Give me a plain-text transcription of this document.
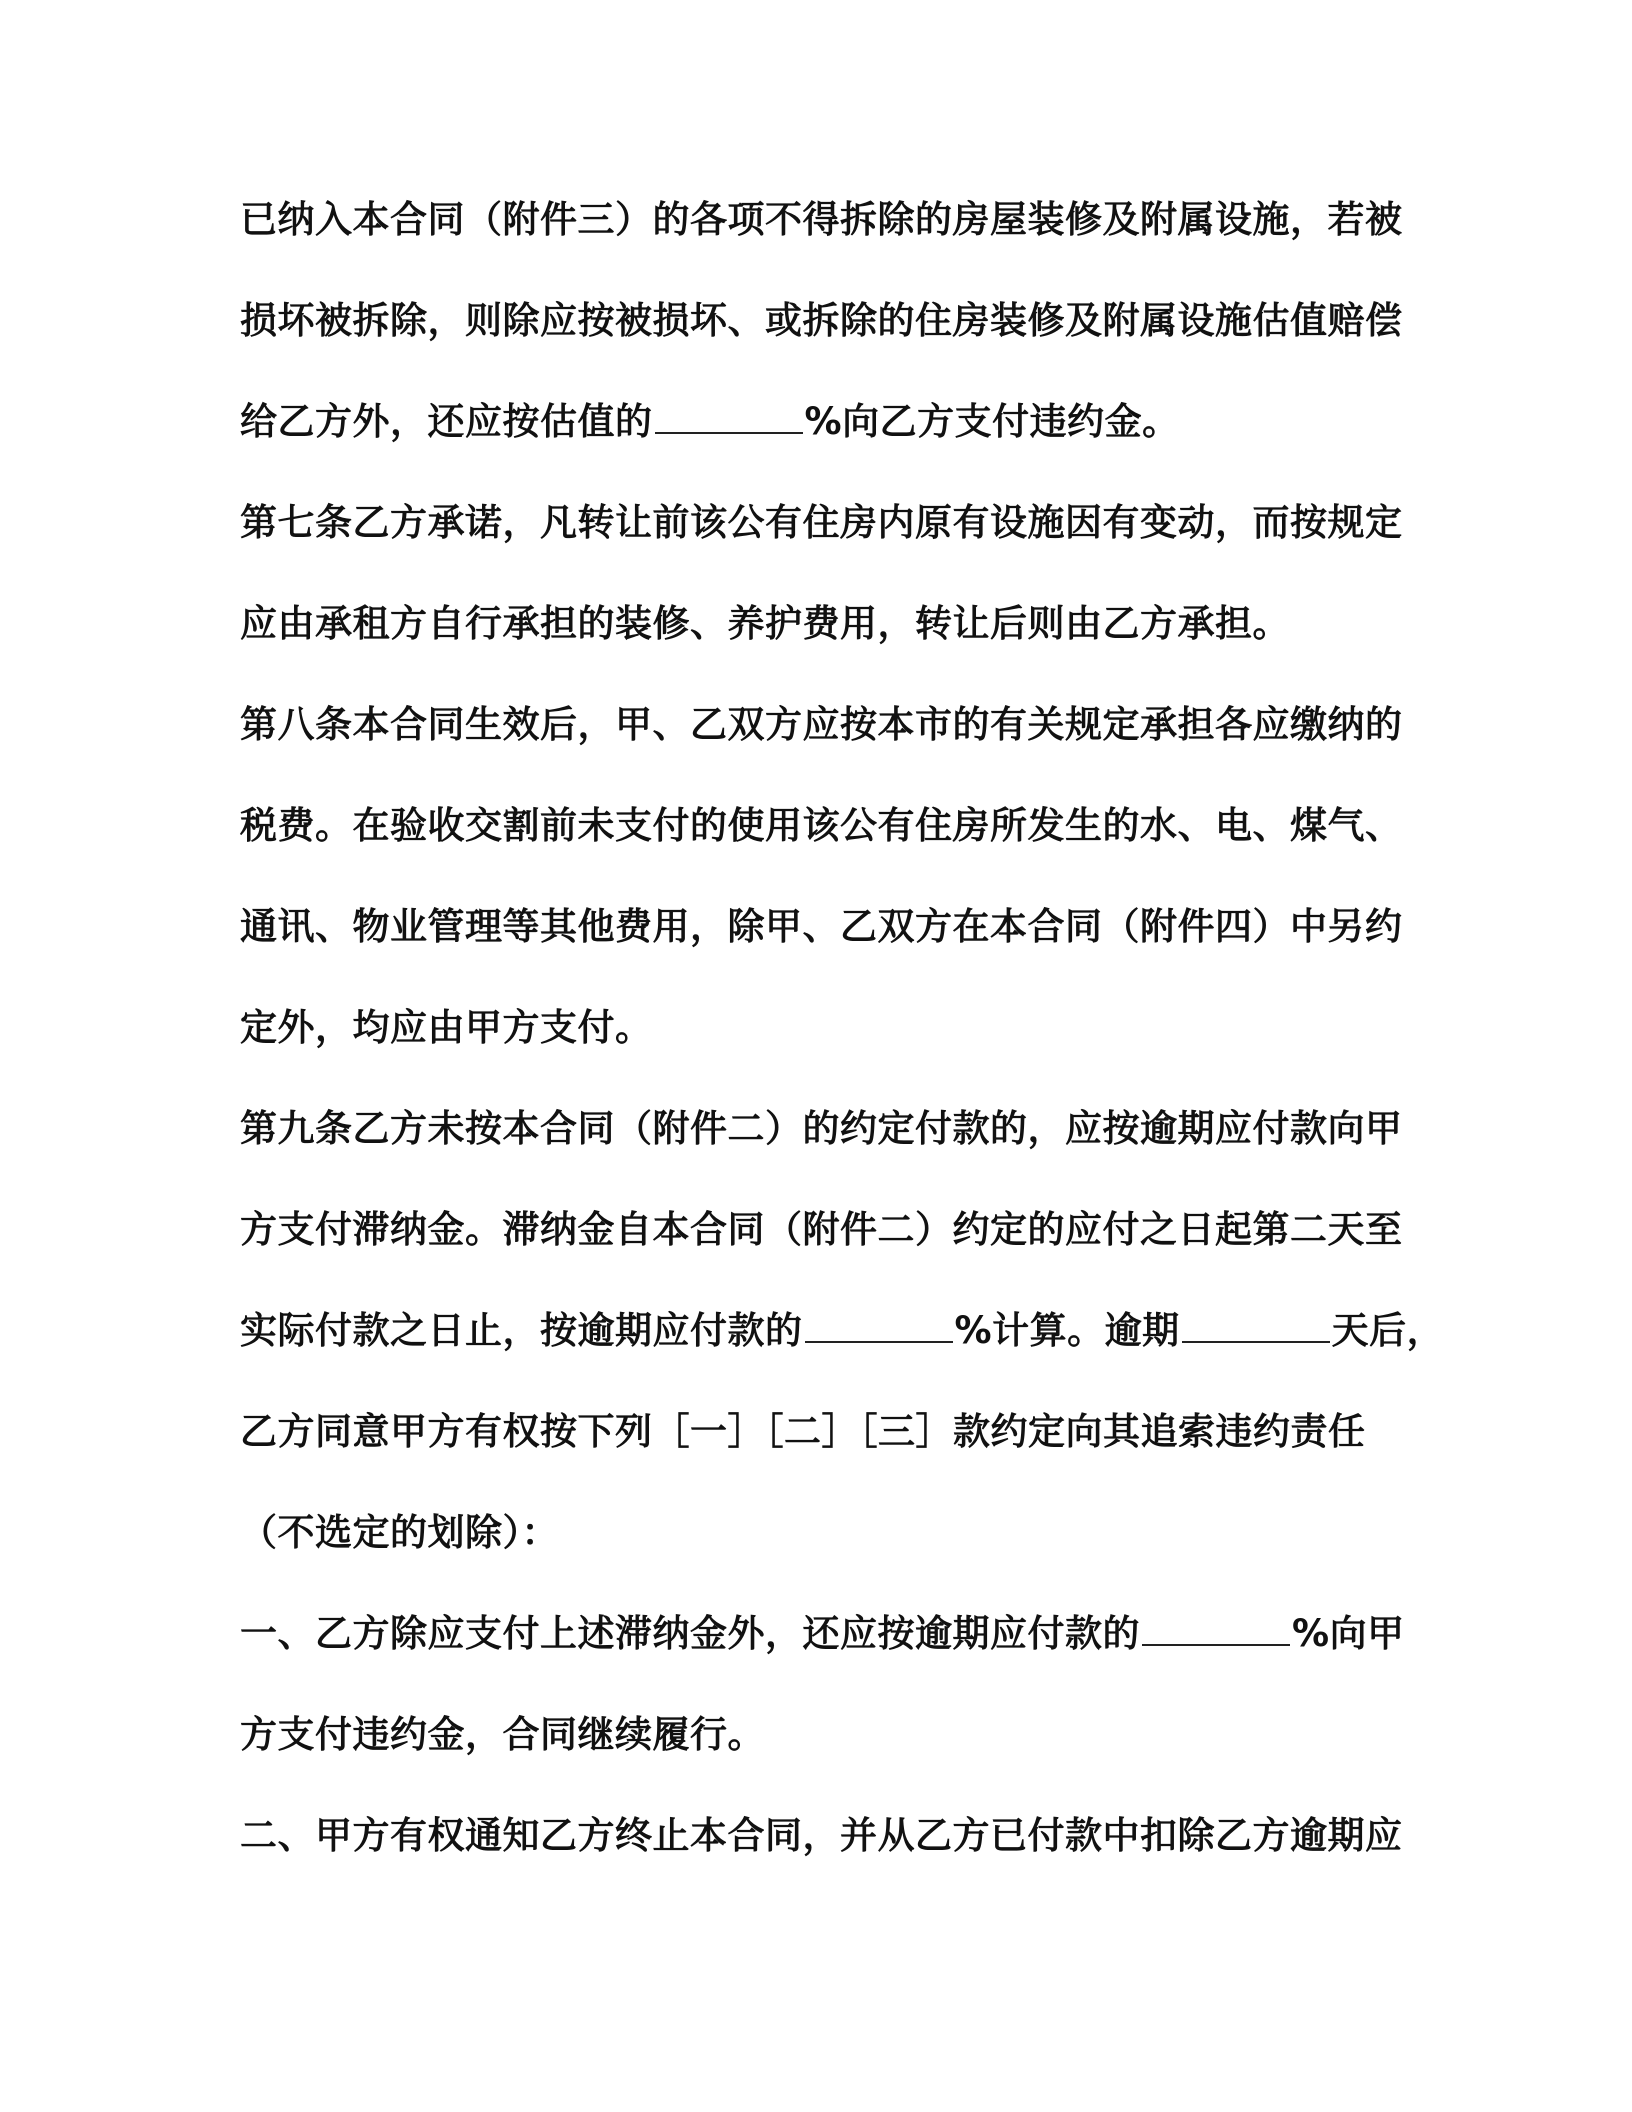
已纳入本合同（附件三）的各项不得拆除的房屋装修及附属设施，若被
损坏被拆除，则除应按被损坏、或拆除的住房装修及附属设施估值赔偿
给乙方外，还应按估值的	%向乙方支付违约金。
第七条乙方承诺，凡转让前该公有住房内原有设施因有变动，而按规定
应由承租方自行承担的装修、养护费用，转让后则由乙方承担。
第八条本合同生效后，甲、乙双方应按本市的有关规定承担各应缴纳的
税费。在验收交割前未支付的使用该公有住房所发生的水、电、煤气、
通讯、物业管理等其他费用，除甲、乙双方在本合同（附件四）中另约
定外，均应由甲方支付。
第九条乙方未按本合同（附件二）的约定付款的，应按逾期应付款向甲
方支付滞纳金。滞纳金自本合同（附件二）约定的应付之日起第二天至
实际付款之日止，按逾期应付款的	%计算。逾期	天后，
乙方同意甲方有权按下列［一］［二］［三］款约定向其追索违约责任
（不选定的划除）：
一、乙方除应支付上述滞纳金外，还应按逾期应付款的	%向甲
方支付违约金，合同继续履行。
二、甲方有权通知乙方终止本合同，并从乙方已付款中扣除乙方逾期应
